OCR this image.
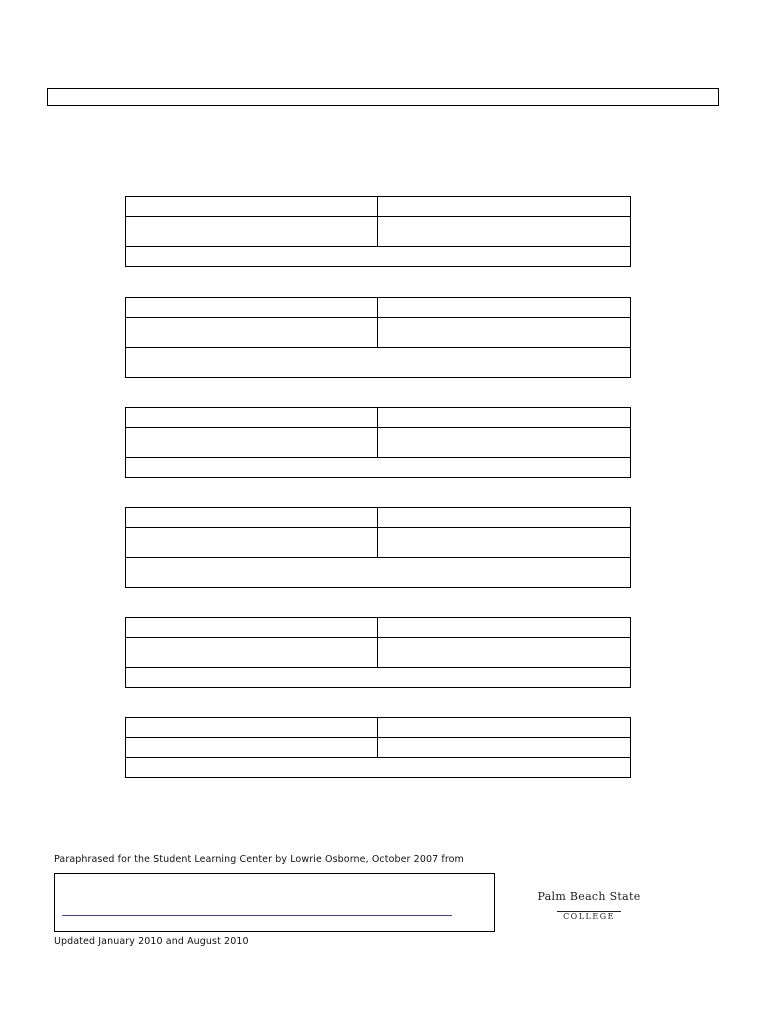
Paraphrased for the Student Learning Center by Lowrie Osborne, October 2007 from
Updated January 2010 and August 2010
Palm Beach State
COLLEGE
